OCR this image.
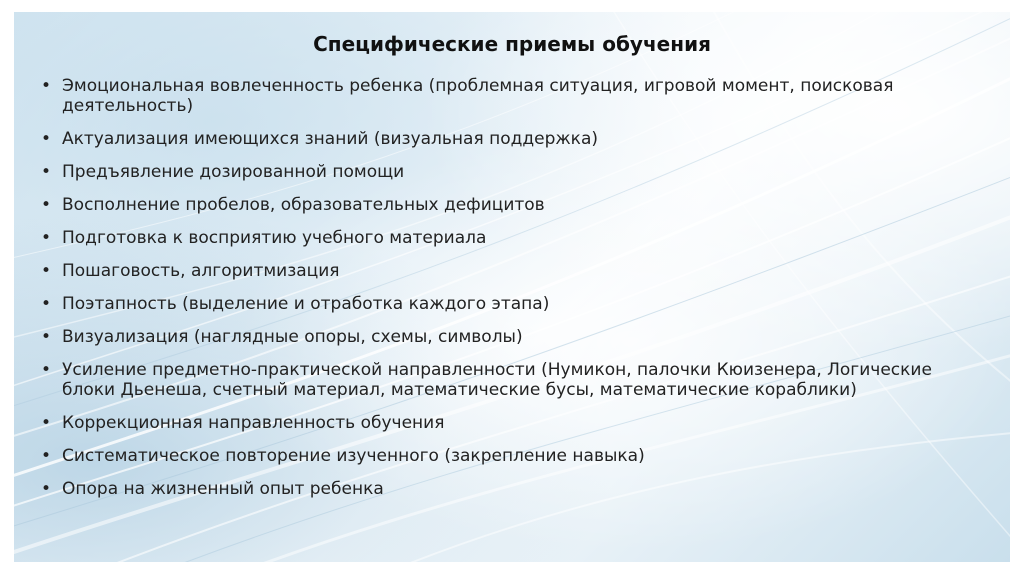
Специфические приемы обучения
• Эмоциональная вовлеченность ребенка (проблемная ситуация, игровой момент, поисковая деятельность)
• Актуализация имеющихся знаний (визуальная поддержка)
• Предъявление дозированной помощи
• Восполнение пробелов, образовательных дефицитов
• Подготовка к восприятию учебного материала
• Пошаговость, алгоритмизация
• Поэтапность (выделение и отработка каждого этапа)
• Визуализация (наглядные опоры, схемы, символы)
• Усиление предметно-практической направленности (Нумикон, палочки Кюизенера, Логические блоки Дьенеша, счетный материал, математические бусы, математические кораблики)
• Коррекционная направленность обучения
• Систематическое повторение изученного (закрепление навыка)
• Опора на жизненный опыт ребенка
